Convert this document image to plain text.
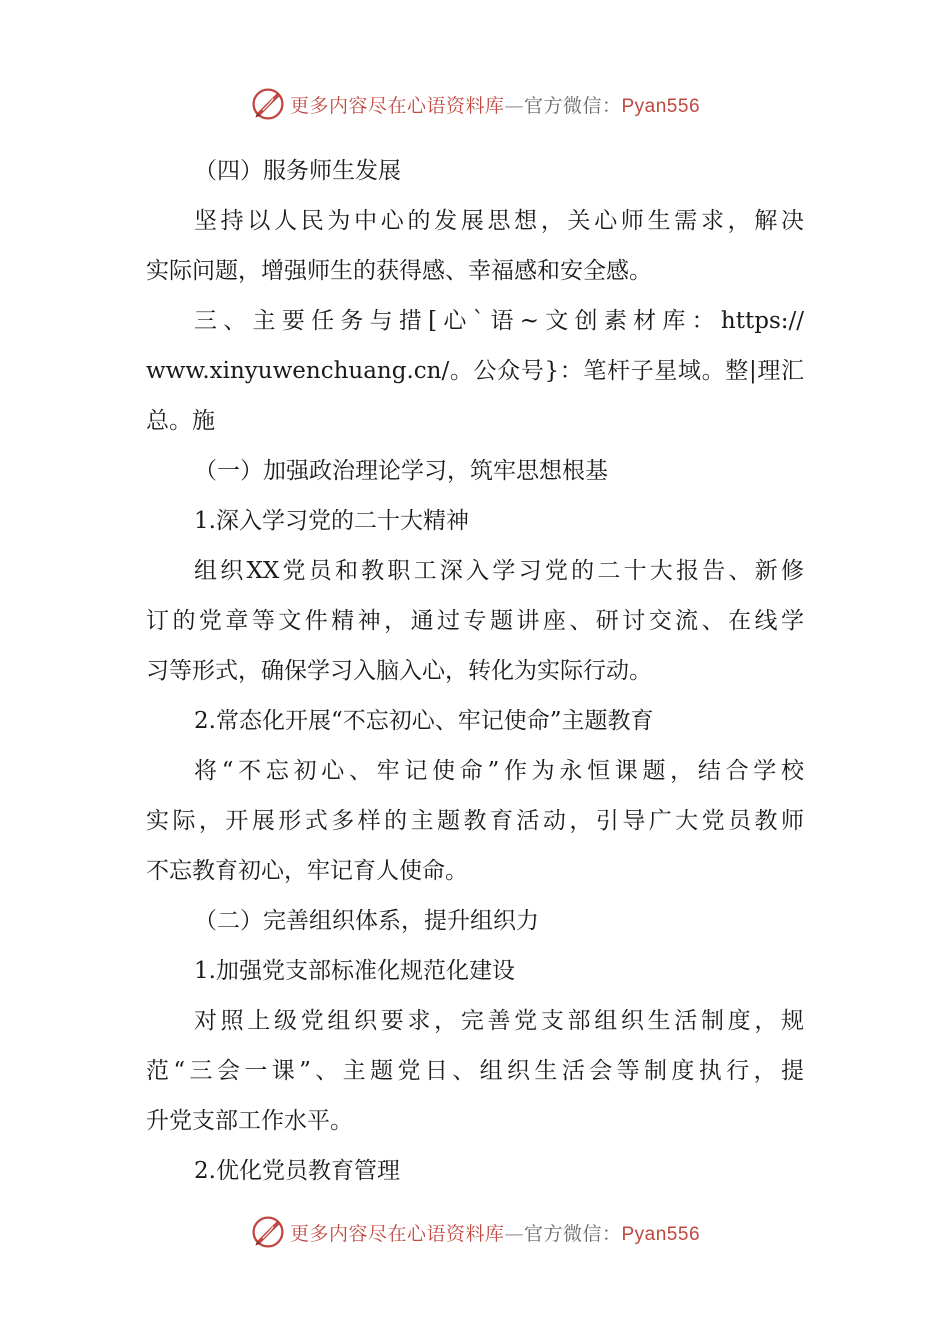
更多内容尽在心语资料库—官方微信：Pyan556
（四）服务师生发展
坚持以人民为中心的发展思想，关心师生需求，解决
实际问题，增强师生的获得感、幸福感和安全感。
三、主要任务与措[心`语~文创素材库：https://
www.xinyuwenchuang.cn/。公众号}：笔杆子星域。整|理汇
总。施
（一）加强政治理论学习，筑牢思想根基
1.深入学习党的二十大精神
组织XX党员和教职工深入学习党的二十大报告、新修
订的党章等文件精神，通过专题讲座、研讨交流、在线学
习等形式，确保学习入脑入心，转化为实际行动。
2.常态化开展“不忘初心、牢记使命”主题教育
将“不忘初心、牢记使命”作为永恒课题，结合学校
实际，开展形式多样的主题教育活动，引导广大党员教师
不忘教育初心，牢记育人使命。
（二）完善组织体系，提升组织力
1.加强党支部标准化规范化建设
对照上级党组织要求，完善党支部组织生活制度，规
范“三会一课”、主题党日、组织生活会等制度执行，提
升党支部工作水平。
2.优化党员教育管理
更多内容尽在心语资料库—官方微信：Pyan556
